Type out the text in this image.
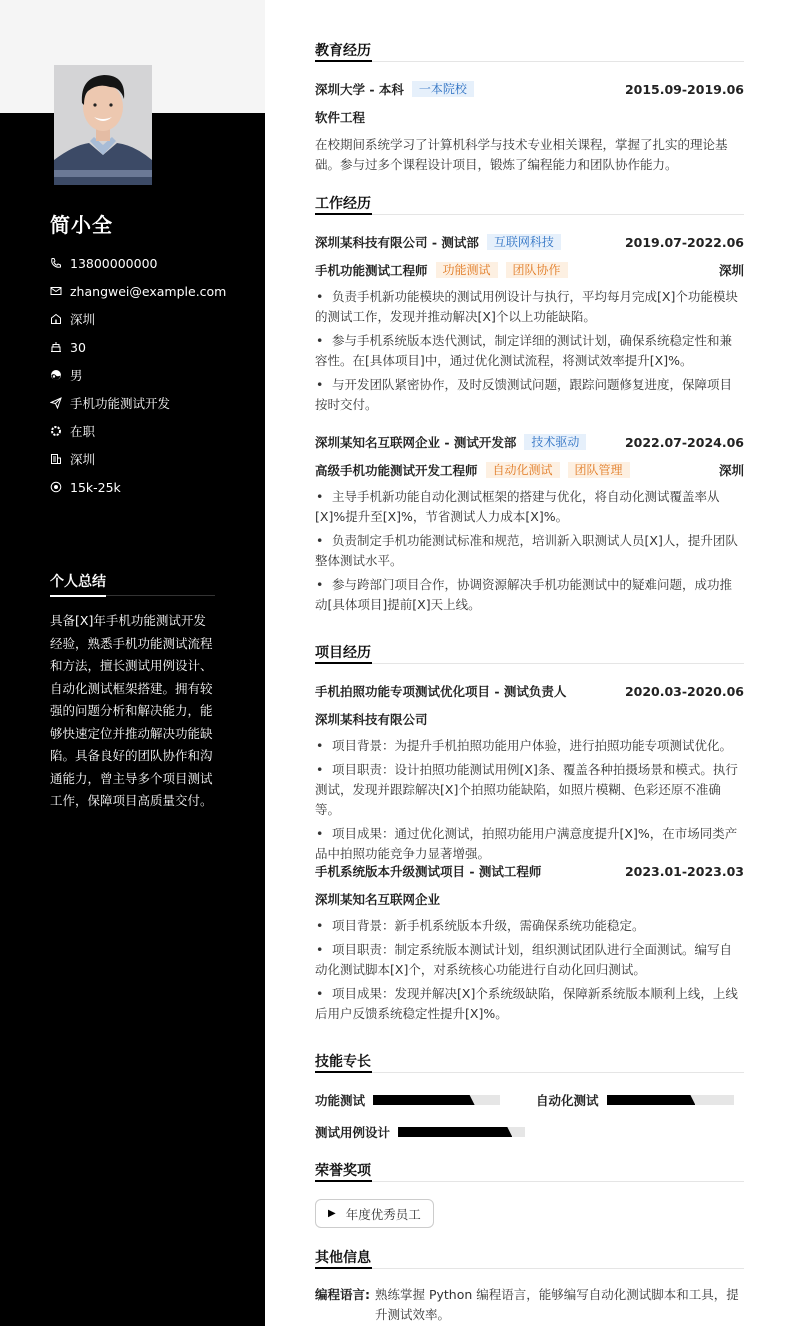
简小全
13800000000
zhangwei@example.com
深圳
30
男
手机功能测试开发
在职
深圳
15k-25k
个人总结
具备[X]年手机功能测试开发经验，熟悉手机功能测试流程和方法，擅长测试用例设计、自动化测试框架搭建。拥有较强的问题分析和解决能力，能够快速定位并推动解决功能缺陷。具备良好的团队协作和沟通能力，曾主导多个项目测试工作，保障项目高质量交付。
教育经历
深圳大学 - 本科	一本院校	2015.09-2019.06
软件工程
在校期间系统学习了计算机科学与技术专业相关课程，掌握了扎实的理论基础。参与过多个课程设计项目，锻炼了编程能力和团队协作能力。
工作经历
深圳某科技有限公司 - 测试部	互联网科技	2019.07-2022.06
手机功能测试工程师	功能测试	团队协作	深圳
• 负责手机新功能模块的测试用例设计与执行，平均每月完成[X]个功能模块的测试工作，发现并推动解决[X]个以上功能缺陷。
• 参与手机系统版本迭代测试，制定详细的测试计划，确保系统稳定性和兼容性。在[具体项目]中，通过优化测试流程，将测试效率提升[X]%。
• 与开发团队紧密协作，及时反馈测试问题，跟踪问题修复进度，保障项目按时交付。
深圳某知名互联网企业 - 测试开发部	技术驱动	2022.07-2024.06
高级手机功能测试开发工程师	自动化测试	团队管理	深圳
• 主导手机新功能自动化测试框架的搭建与优化，将自动化测试覆盖率从[X]%提升至[X]%，节省测试人力成本[X]%。
• 负责制定手机功能测试标准和规范，培训新入职测试人员[X]人，提升团队整体测试水平。
• 参与跨部门项目合作，协调资源解决手机功能测试中的疑难问题，成功推动[具体项目]提前[X]天上线。
项目经历
手机拍照功能专项测试优化项目 - 测试负责人	2020.03-2020.06
深圳某科技有限公司
• 项目背景：为提升手机拍照功能用户体验，进行拍照功能专项测试优化。
• 项目职责：设计拍照功能测试用例[X]条、覆盖各种拍摄场景和模式。执行测试，发现并跟踪解决[X]个拍照功能缺陷，如照片模糊、色彩还原不准确等。
• 项目成果：通过优化测试，拍照功能用户满意度提升[X]%，在市场同类产品中拍照功能竞争力显著增强。
手机系统版本升级测试项目 - 测试工程师	2023.01-2023.03
深圳某知名互联网企业
• 项目背景：新手机系统版本升级，需确保系统功能稳定。
• 项目职责：制定系统版本测试计划，组织测试团队进行全面测试。编写自动化测试脚本[X]个，对系统核心功能进行自动化回归测试。
• 项目成果：发现并解决[X]个系统级缺陷，保障新系统版本顺利上线，上线后用户反馈系统稳定性提升[X]%。
技能专长
功能测试	自动化测试
测试用例设计
荣誉奖项
▶ 年度优秀员工
其他信息
编程语言: 熟练掌握 Python 编程语言，能够编写自动化测试脚本和工具，提升测试效率。
